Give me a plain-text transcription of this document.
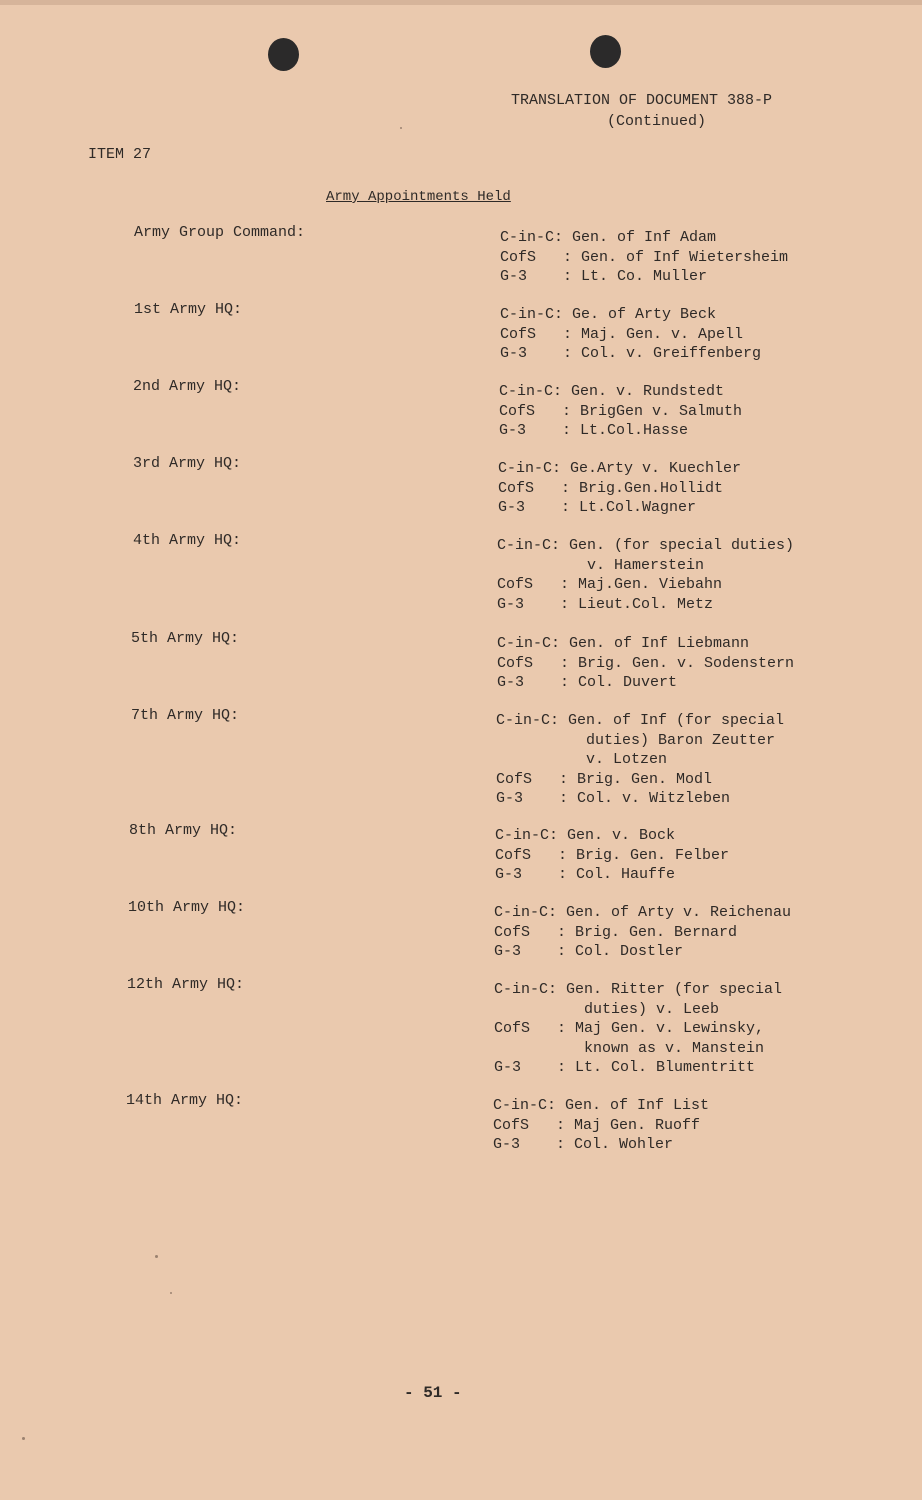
TRANSLATION OF DOCUMENT 388-P
(Continued)
ITEM 27
Army Appointments Held
Army Group Command:	C-in-C: Gen. of Inf Adam
CofS   : Gen. of Inf Wietersheim
G-3    : Lt. Co. Muller
1st Army HQ:	C-in-C: Ge. of Arty Beck
CofS   : Maj. Gen. v. Apell
G-3    : Col. v. Greiffenberg
2nd Army HQ:	C-in-C: Gen. v. Rundstedt
CofS   : BrigGen v. Salmuth
G-3    : Lt.Col.Hasse
3rd Army HQ:	C-in-C: Ge.Arty v. Kuechler
CofS   : Brig.Gen.Hollidt
G-3    : Lt.Col.Wagner
4th Army HQ:	C-in-C: Gen. (for special duties)
v. Hamerstein
CofS   : Maj.Gen. Viebahn
G-3    : Lieut.Col. Metz
5th Army HQ:	C-in-C: Gen. of Inf Liebmann
CofS   : Brig. Gen. v. Sodenstern
G-3    : Col. Duvert
7th Army HQ:	C-in-C: Gen. of Inf (for special
duties) Baron Zeutter
v. Lotzen
CofS   : Brig. Gen. Modl
G-3    : Col. v. Witzleben
8th Army HQ:	C-in-C: Gen. v. Bock
CofS   : Brig. Gen. Felber
G-3    : Col. Hauffe
10th Army HQ:	C-in-C: Gen. of Arty v. Reichenau
CofS   : Brig. Gen. Bernard
G-3    : Col. Dostler
12th Army HQ:	C-in-C: Gen. Ritter (for special
duties) v. Leeb
CofS   : Maj Gen. v. Lewinsky,
known as v. Manstein
G-3    : Lt. Col. Blumentritt
14th Army HQ:	C-in-C: Gen. of Inf List
CofS   : Maj Gen. Ruoff
G-3    : Col. Wohler
- 51 -
